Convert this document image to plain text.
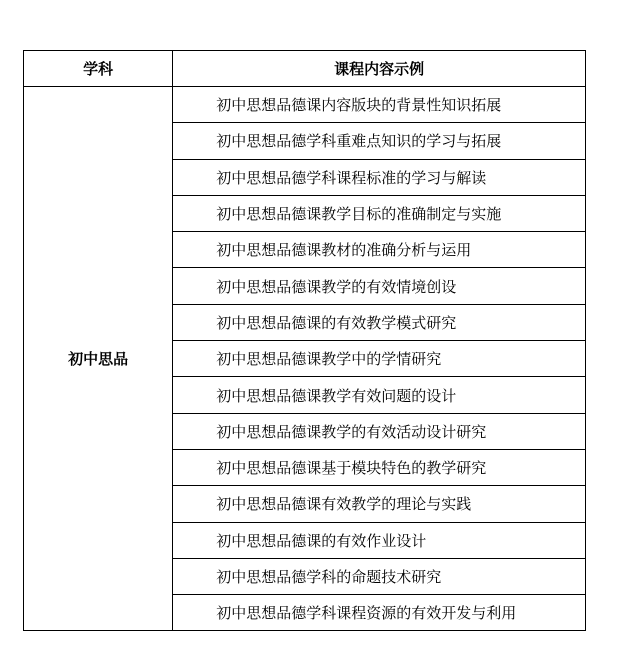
学科	课程内容示例
初中思品	初中思想品德课内容版块的背景性知识拓展
	初中思想品德学科重难点知识的学习与拓展
	初中思想品德学科课程标准的学习与解读
	初中思想品德课教学目标的准确制定与实施
	初中思想品德课教材的准确分析与运用
	初中思想品德课教学的有效情境创设
	初中思想品德课的有效教学模式研究
	初中思想品德课教学中的学情研究
	初中思想品德课教学有效问题的设计
	初中思想品德课教学的有效活动设计研究
	初中思想品德课基于模块特色的教学研究
	初中思想品德课有效教学的理论与实践
	初中思想品德课的有效作业设计
	初中思想品德学科的命题技术研究
	初中思想品德学科课程资源的有效开发与利用
